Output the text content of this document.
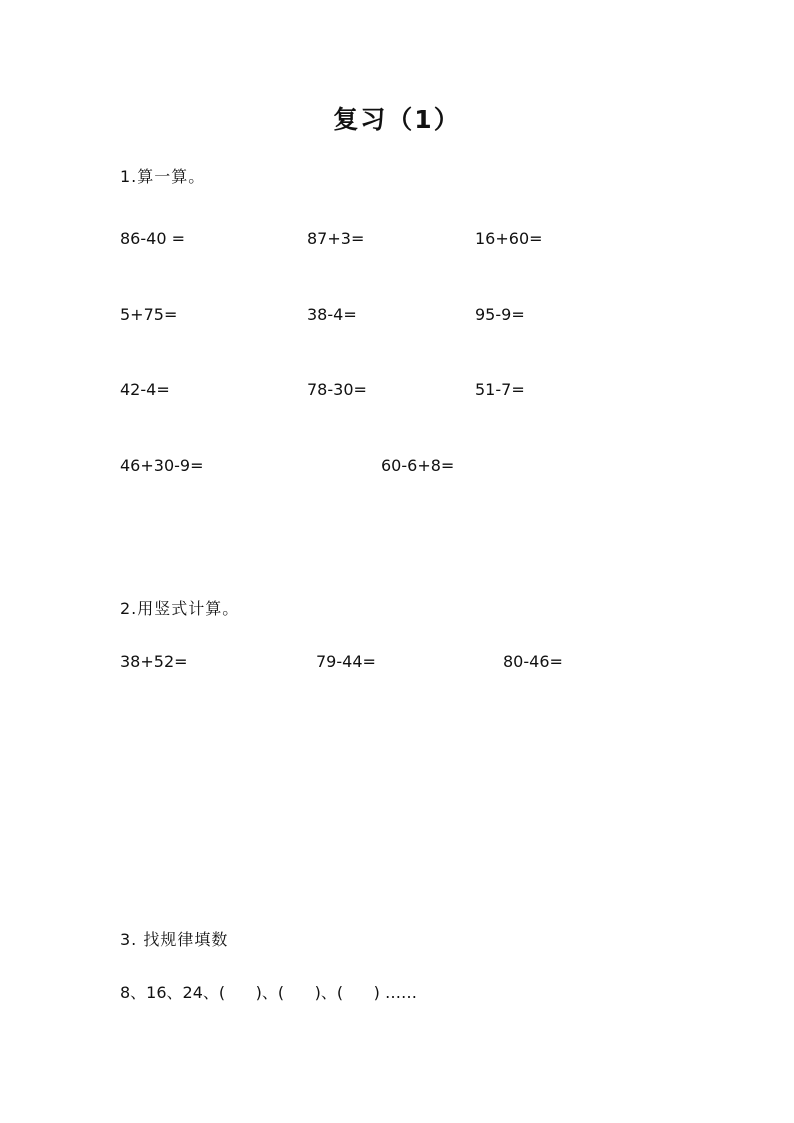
复习（1）
1.算一算。
86-40 =	87+3=	16+60=
5+75=	38-4=	95-9=
42-4=	78-30=	51-7=
46+30-9=	60-6+8=
2.用竖式计算。
38+52=	79-44=	80-46=
3. 找规律填数
8、16、24、(      )、(      )、(      ) ……
